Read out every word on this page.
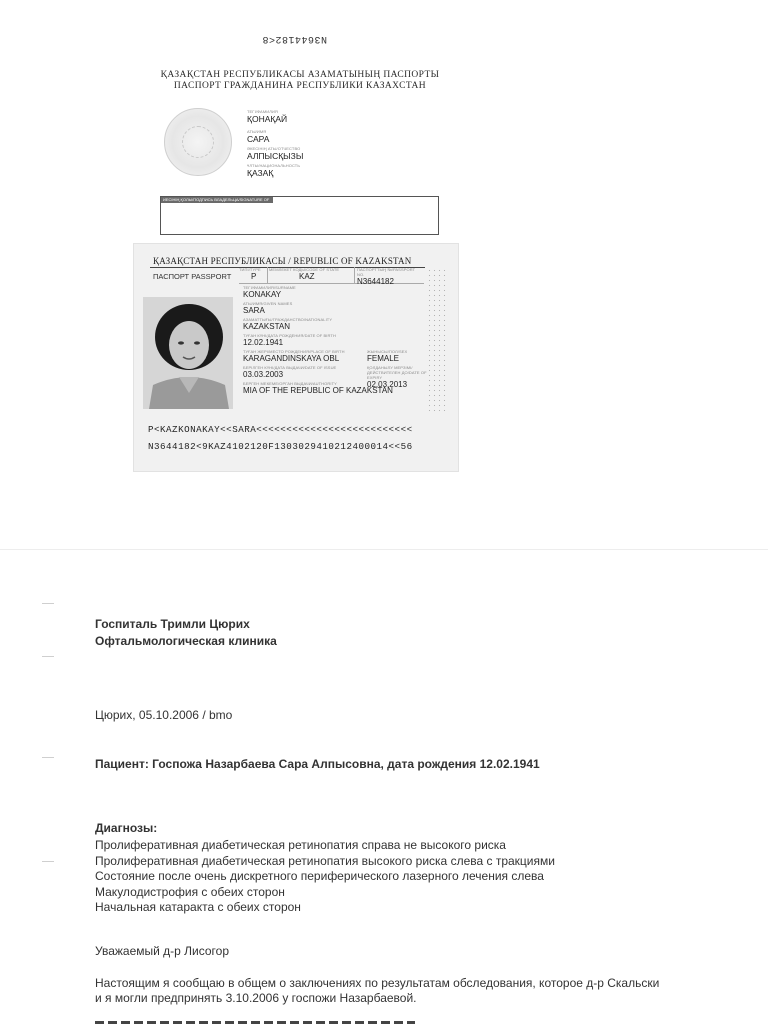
N3644182<8
ҚАЗАҚСТАН РЕСПУБЛИКАСЫ АЗАМАТЫНЫҢ ПАСПОРТЫ
ПАСПОРТ ГРАЖДАНИНА РЕСПУБЛИКИ КАЗАХСТАН
ТЕГІ/ФАМИЛИЯ
ҚОНАҚАЙ
АТЫ/ИМЯ
САРА
ӘКЕСІНІҢ АТЫ/ОТЧЕСТВО
АЛПЫСҚЫЗЫ
ҰЛТЫ/НАЦИОНАЛЬНОСТЬ
ҚАЗАҚ
ИЕСІНІҢ ҚОЛЫ/ПОДПИСЬ ВЛАДЕЛЬЦА/SIGNATURE OF BEARER
ҚАЗАҚСТАН РЕСПУБЛИКАСЫ / REPUBLIC OF KAZAKSTAN
ПАСПОРТ PASSPORT
ТИПІ/TYPE
P
МЕМЛЕКЕТ КОДЫ/CODE OF STATE
KAZ
ПАСПОРТТЫҢ №/PASSPORT NO.
N3644182
ТЕГІ/ФАМИЛИЯ/SURNAME
KONAKAY
АТЫ/ИМЯ/GIVEN NAMES
SARA
АЗАМАТТЫҒЫ/ГРАЖДАНСТВО/NATIONALITY
KAZAKSTAN
ТУҒАН КҮНІ/ДАТА РОЖДЕНИЯ/DATE OF BIRTH
12.02.1941
ТУҒАН ЖЕРІ/МЕСТО РОЖДЕНИЯ/PLACE OF BIRTH
KARAGANDINSKAYA OBL
ЖЫНЫСЫ/ПОЛ/SEX
FEMALE
БЕРІЛГЕН КҮНІ/ДАТА ВЫДАЧИ/DATE OF ISSUE
03.03.2003
ҚОЛДАНЫЛУ МЕРЗІМІ/ДЕЙСТВИТЕЛЕН ДО/DATE OF EXPIRY
02.03.2013
БЕРГЕН МЕКЕМЕ/ОРГАН ВЫДАЧИ/AUTHORITY
MIA OF THE REPUBLIC OF KAZAKSTAN
P<KAZKONAKAY<<SARA<<<<<<<<<<<<<<<<<<<<<<<<<<
N3644182<9KAZ4102120F1303029410212400014<<56
Госпиталь Тримли Цюрих
Офтальмологическая клиника
Цюрих, 05.10.2006 / bmo
Пациент: Госпожа Назарбаева Сара Алпысовна, дата рождения 12.02.1941
Диагнозы:
Пролиферативная диабетическая ретинопатия справа не высокого риска
Пролиферативная диабетическая ретинопатия высокого риска слева с тракциями
Состояние после очень дискретного периферического лазерного лечения слева
Макулодистрофия с обеих сторон
Начальная катаракта с обеих сторон
Уважаемый д-р Лисогор
Настоящим я сообщаю в общем о заключениях по результатам обследования, которое д-р Скальски
и я могли предпринять 3.10.2006 у госпожи Назарбаевой.
